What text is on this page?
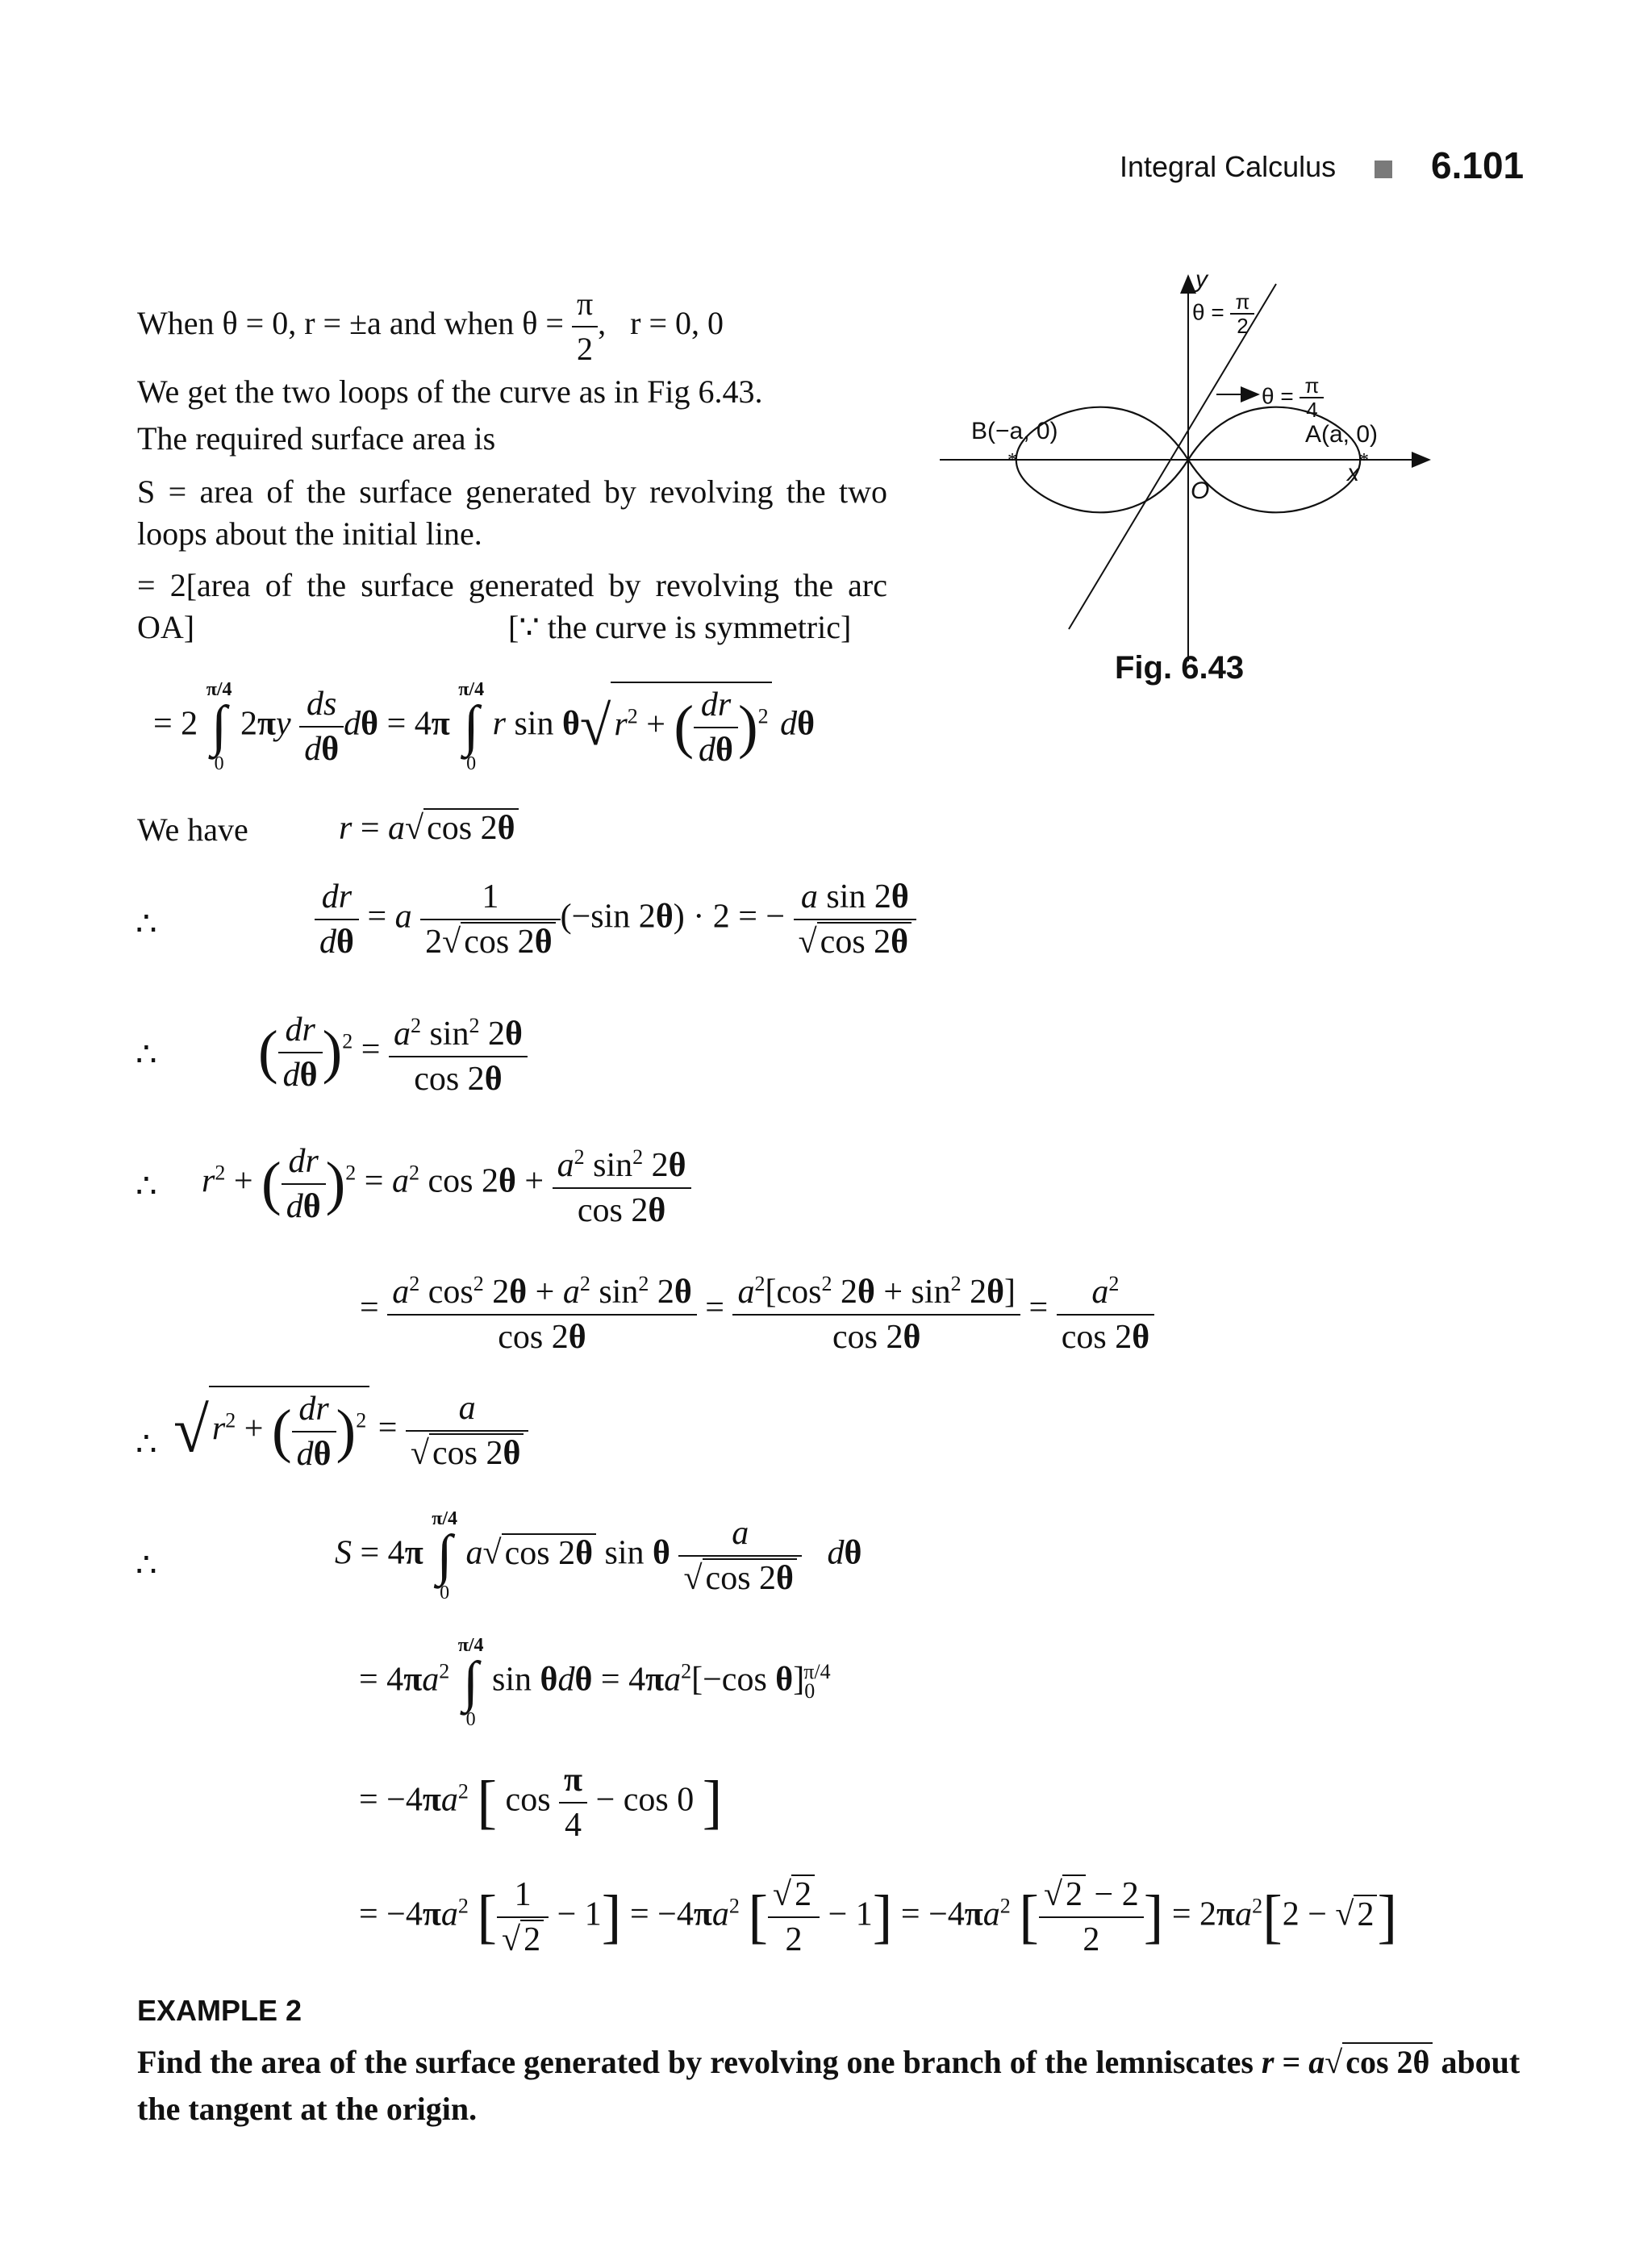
Integral Calculus	6.101
When θ = 0, r = ±a and when $\theta = \frac{\pi}{2}$ ,   r = 0, 0
We get the two loops of the curve as in Fig 6.43.
The required surface area is
S = area of the surface generated by revolving the two loops about the initial line.
= 2[area of the surface generated by revolving the arc OA]	[∵ the curve is symmetric]
*	*
y
x
O
B(−a, 0)	A(a, 0)
$\theta = \frac{\pi}{2}$
$\theta = \frac{\pi}{4}$
Fig. 6.43
= 2 π/4
∫
0 $2\pi y \frac{ds}{d\theta}$ dθ = 4π π/4
∫
0 r $\sin \theta√r^2$ + ( $\frac{dr}{d\theta} )^2$ dθ
We have	r = a√cos 2θ
∴	$\frac{dr}{d\theta} = a \frac{1}{2√\cos 2\theta} (-\sin$ 2θ) · 2 = − $\frac{\text{a sin 2θ}}{√\cos 2\theta}$
∴ ( $\frac{dr}{d\theta} )^2 = \frac{a^2 \sin^2 2\theta}{\cos 2\theta}$
∴ $r^2$ + ( $\frac{dr}{d\theta} )^2 = a^2$ $\cos 2\theta + \frac{a^2 \sin^2 2\theta}{\cos 2\theta}$
= $\frac{a^2 \cos^2 2\theta + a^2 \sin^2 2\theta}{\cos 2\theta} = \frac{a^2[\cos^2 2\theta + \sin^2 2\theta]}{\cos 2\theta} = \frac{a^2}{\cos 2\theta}$
∴ $√r^2$ + ( $\frac{dr}{d\theta} )^2 = \frac{a}{√\cos 2\theta}$
∴	S = 4π π/4
∫
0 a√cos 2θ sin θ $\frac{a}{√\cos 2\theta}$ dθ
= $4\pi a^2$ π/4
∫
0 $\sin \theta d\theta = 4\pi a^2[-\cos$ $\theta]_0^{\pi/4}$
= $-4\pi a^2$ [ $\cos \frac{\pi}{4} - \cos 0$ ]
= $-4\pi a^2$ [ $\frac{1}{√2} - 1] = -4\pi a^2$ [ $\frac{√2}{2} - 1] = -4\pi a^2$ [ $\frac{√2 - 2}{2}$ ] = $2\pi a^2[2 - √2]$
EXAMPLE 2
Find the area of the surface generated by revolving one branch of the lemniscates r = a√ cos 2θ about the tangent at the origin.
